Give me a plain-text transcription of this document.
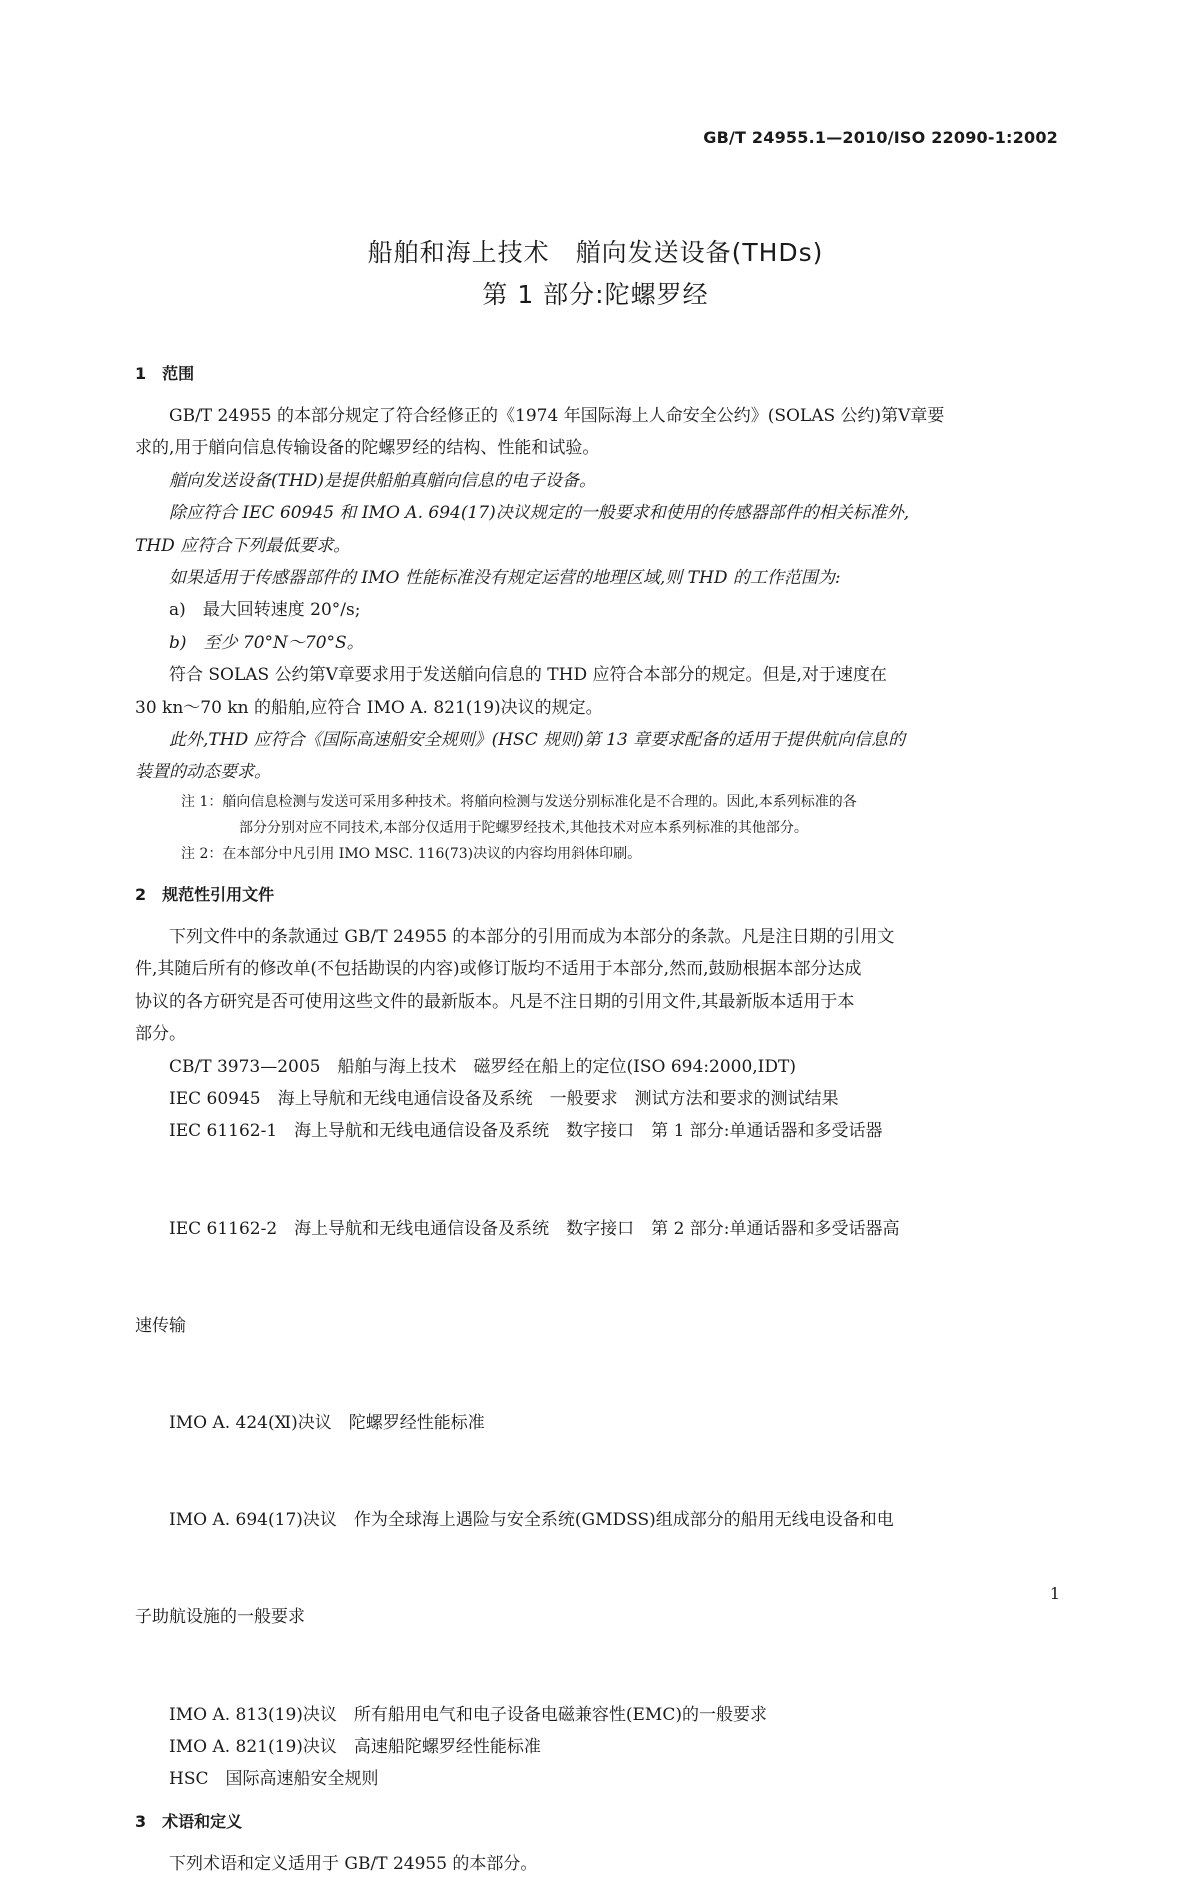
GB/T 24955.1—2010/ISO 22090-1:2002
船舶和海上技术　艏向发送设备(THDs)
第 1 部分:陀螺罗经
1　范围

GB/T 24955 的本部分规定了符合经修正的《1974 年国际海上人命安全公约》(SOLAS 公约)第Ⅴ章要
求的,用于艏向信息传输设备的陀螺罗经的结构、性能和试验。

艏向发送设备(THD)是提供船舶真艏向信息的电子设备。

除应符合 IEC 60945 和 IMO A. 694(17)决议规定的一般要求和使用的传感器部件的相关标准外,
THD 应符合下列最低要求。

如果适用于传感器部件的 IMO 性能标准没有规定运营的地理区域,则 THD 的工作范围为:

a)　最大回转速度 20°/s;

b)　至少 70°N～70°S。

符合 SOLAS 公约第Ⅴ章要求用于发送艏向信息的 THD 应符合本部分的规定。但是,对于速度在
30 kn～70 kn 的船舶,应符合 IMO A. 821(19)决议的规定。

此外,THD 应符合《国际高速船安全规则》(HSC 规则)第 13 章要求配备的适用于提供航向信息的
装置的动态要求。

注 1：艏向信息检测与发送可采用多种技术。将艏向检测与发送分别标准化是不合理的。因此,本系列标准的各
部分分别对应不同技术,本部分仅适用于陀螺罗经技术,其他技术对应本系列标准的其他部分。

注 2：在本部分中凡引用 IMO MSC. 116(73)决议的内容均用斜体印刷。

2　规范性引用文件

下列文件中的条款通过 GB/T 24955 的本部分的引用而成为本部分的条款。凡是注日期的引用文
件,其随后所有的修改单(不包括勘误的内容)或修订版均不适用于本部分,然而,鼓励根据本部分达成
协议的各方研究是否可使用这些文件的最新版本。凡是不注日期的引用文件,其最新版本适用于本
部分。

CB/T 3973—2005　船舶与海上技术　磁罗经在船上的定位(ISO 694:2000,IDT)

IEC 60945　海上导航和无线电通信设备及系统　一般要求　测试方法和要求的测试结果

IEC 61162-1　海上导航和无线电通信设备及系统　数字接口　第 1 部分:单通话器和多受话器

IEC 61162-2　海上导航和无线电通信设备及系统　数字接口　第 2 部分:单通话器和多受话器高

速传输

IMO A. 424(Ⅺ)决议　陀螺罗经性能标准

IMO A. 694(17)决议　作为全球海上遇险与安全系统(GMDSS)组成部分的船用无线电设备和电

子助航设施的一般要求

IMO A. 813(19)决议　所有船用电气和电子设备电磁兼容性(EMC)的一般要求

IMO A. 821(19)决议　高速船陀螺罗经性能标准

HSC　国际高速船安全规则

3　术语和定义

下列术语和定义适用于 GB/T 24955 的本部分。

1
